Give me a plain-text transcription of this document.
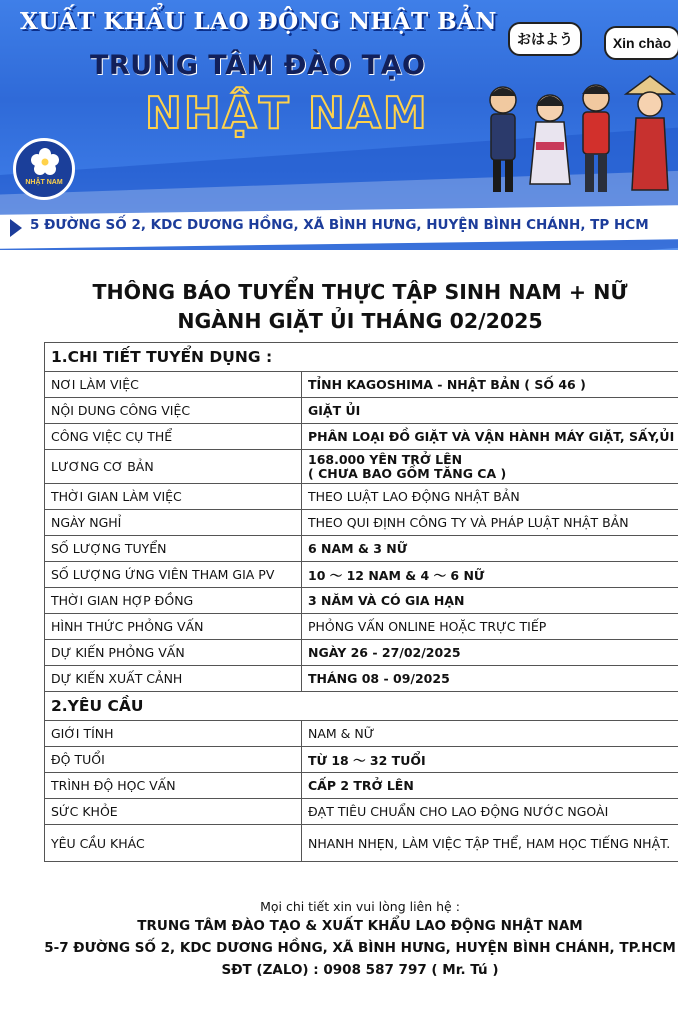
XUẤT KHẨU LAO ĐỘNG NHẬT BẢN
TRUNG TÂM ĐÀO TẠO
NHẬT NAM
NHẬT NAM
おはよう	Xin chào
5 ĐƯỜNG SỐ 2, KDC DƯƠNG HỒNG, XÃ BÌNH HƯNG, HUYỆN BÌNH CHÁNH, TP HCM
THÔNG BÁO TUYỂN THỰC TẬP SINH NAM + NỮ
NGÀNH GIẶT ỦI THÁNG 02/2025
1.CHI TIẾT TUYỂN DỤNG :	
NƠI LÀM VIỆC	TỈNH KAGOSHIMA - NHẬT BẢN ( SỐ 46 )
NỘI DUNG CÔNG VIỆC	GIẶT ỦI
CÔNG VIỆC CỤ THỂ	PHÂN LOẠI ĐỒ GIẶT VÀ VẬN HÀNH MÁY GIẶT, SẤY,ỦI
LƯƠNG CƠ BẢN	168.000 YÊN TRỞ LÊN
( CHƯA BAO GỒM TĂNG CA )

THỜI GIAN LÀM VIỆC	THEO LUẬT LAO ĐỘNG NHẬT BẢN
NGÀY NGHỈ	THEO QUI ĐỊNH CÔNG TY VÀ PHÁP LUẬT NHẬT BẢN
SỐ LƯỢNG TUYỂN	6 NAM & 3 NỮ
SỐ LƯỢNG ỨNG VIÊN THAM GIA PV	10 ～ 12 NAM & 4 ～ 6 NỮ
THỜI GIAN HỢP ĐỒNG	3 NĂM VÀ CÓ GIA HẠN
HÌNH THỨC PHỎNG VẤN	PHỎNG VẤN ONLINE HOẶC TRỰC TIẾP
DỰ KIẾN PHỎNG VẤN	NGÀY 26 - 27/02/2025
DỰ KIẾN XUẤT CẢNH	THÁNG 08 - 09/2025
2.YÊU CẦU	
GIỚI TÍNH	NAM & NỮ
ĐỘ TUỔI	TỪ 18 ～ 32 TUỔI
TRÌNH ĐỘ HỌC VẤN	CẤP 2 TRỞ LÊN
SỨC KHỎE	ĐẠT TIÊU CHUẨN CHO LAO ĐỘNG NƯỚC NGOÀI
YÊU CẦU KHÁC	NHANH NHẸN, LÀM VIỆC TẬP THỂ, HAM HỌC TIẾNG NHẬT.
Mọi chi tiết xin vui lòng liên hệ :
TRUNG TÂM ĐÀO TẠO & XUẤT KHẨU LAO ĐỘNG NHẬT NAM
5-7 ĐƯỜNG SỐ 2, KDC DƯƠNG HỒNG, XÃ BÌNH HƯNG, HUYỆN BÌNH CHÁNH, TP.HCM
SĐT (ZALO) : 0908 587 797 ( Mr. Tú )
